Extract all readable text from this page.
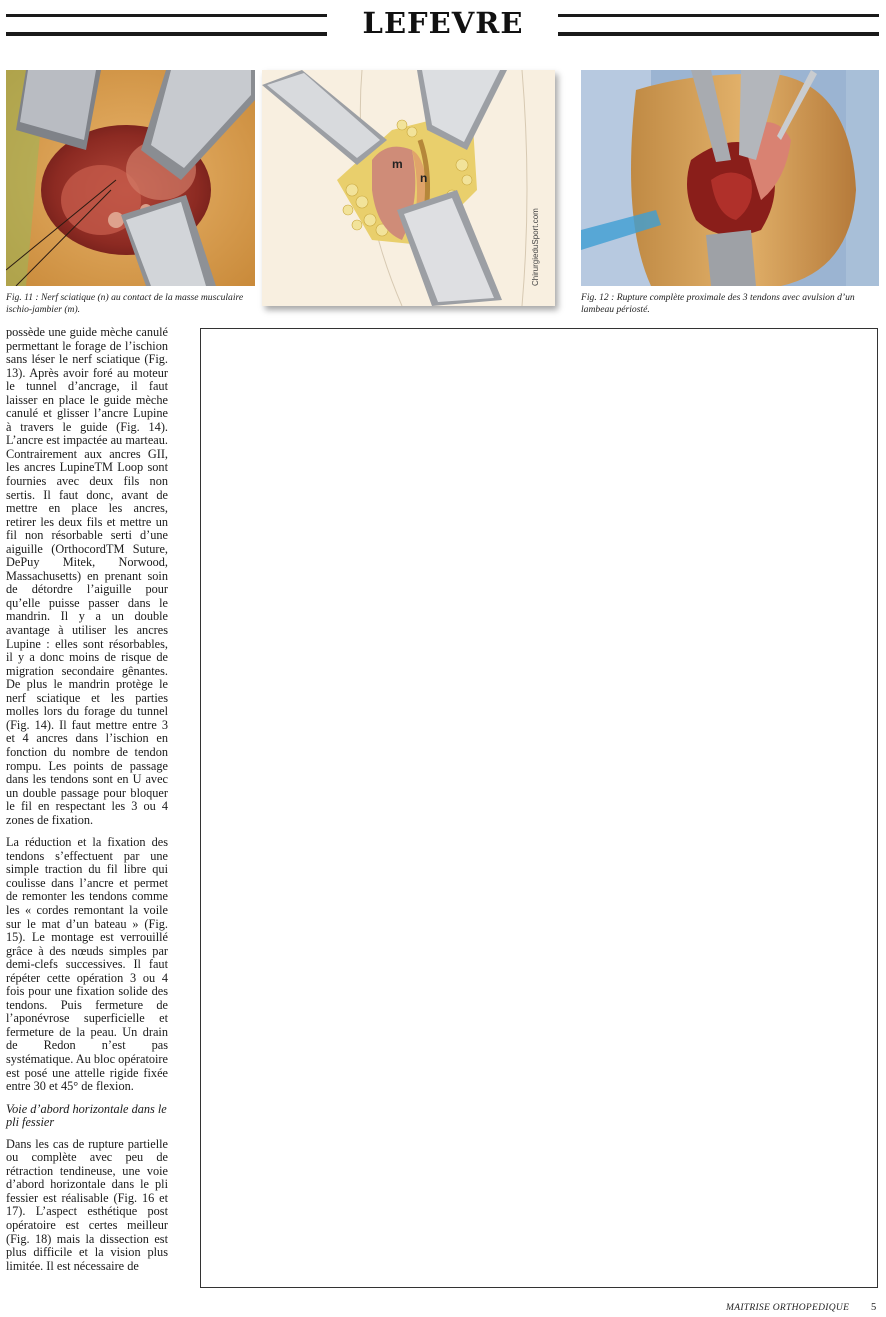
LEFEVRE
m
n
ChirurgieduSport.com
Fig. 11 : Nerf sciatique (n) au contact de la masse musculaire ischio-jambier (m).
Fig. 12 : Rupture complète proximale des 3 tendons avec avulsion d’un lambeau périosté.

possède une guide mèche canulé permettant le forage de l’ischion sans léser le nerf sciatique (Fig. 13). Après avoir foré au moteur le tunnel d’ancrage, il faut laisser en place le guide mèche canulé et glisser l’ancre Lupine à travers le guide (Fig. 14). L’ancre est impactée au marteau. Contrairement aux ancres GII, les ancres LupineTM Loop sont fournies avec deux fils non sertis. Il faut donc, avant de mettre en place les ancres, retirer les deux fils et mettre un fil non résorbable serti d’une aiguille (OrthocordTM Suture, DePuy Mitek, Norwood, Massachusetts) en prenant soin de détordre l’aiguille pour qu’elle puisse passer dans le mandrin. Il y a un double avantage à utiliser les ancres Lupine : elles sont résorbables, il y a donc moins de risque de migration secondaire gênantes. De plus le mandrin protège le nerf sciatique et les parties molles lors du forage du tunnel (Fig. 14). Il faut mettre entre 3 et 4 ancres dans l’ischion en fonction du nombre de tendon rompu. Les points de passage dans les tendons sont en U avec un double passage pour bloquer le fil en respectant les 3 ou 4 zones de fixation.

La réduction et la fixation des tendons s’effectuent par une simple traction du fil libre qui coulisse dans l’ancre et permet de remonter les tendons comme les « cordes remontant la voile sur le mat d’un bateau » (Fig. 15). Le montage est verrouillé grâce à des nœuds simples par demi-clefs successives. Il faut répéter cette opération 3 ou 4 fois pour une fixation solide des tendons. Puis fermeture de l’aponévrose superficielle et fermeture de la peau. Un drain de Redon n’est pas systématique. Au bloc opératoire est posé une attelle rigide fixée entre 30 et 45° de flexion.

Voie d’abord horizontale dans le pli fessier

Dans les cas de rupture partielle ou complète avec peu de rétraction tendineuse, une voie d’abord horizontale dans le pli fessier est réalisable (Fig. 16 et 17). L’aspect esthétique post opératoire est certes meilleur (Fig. 18) mais la dissection est plus difficile et la vision plus limitée. Il est nécessaire de

MAITRISE ORTHOPEDIQUE 5
